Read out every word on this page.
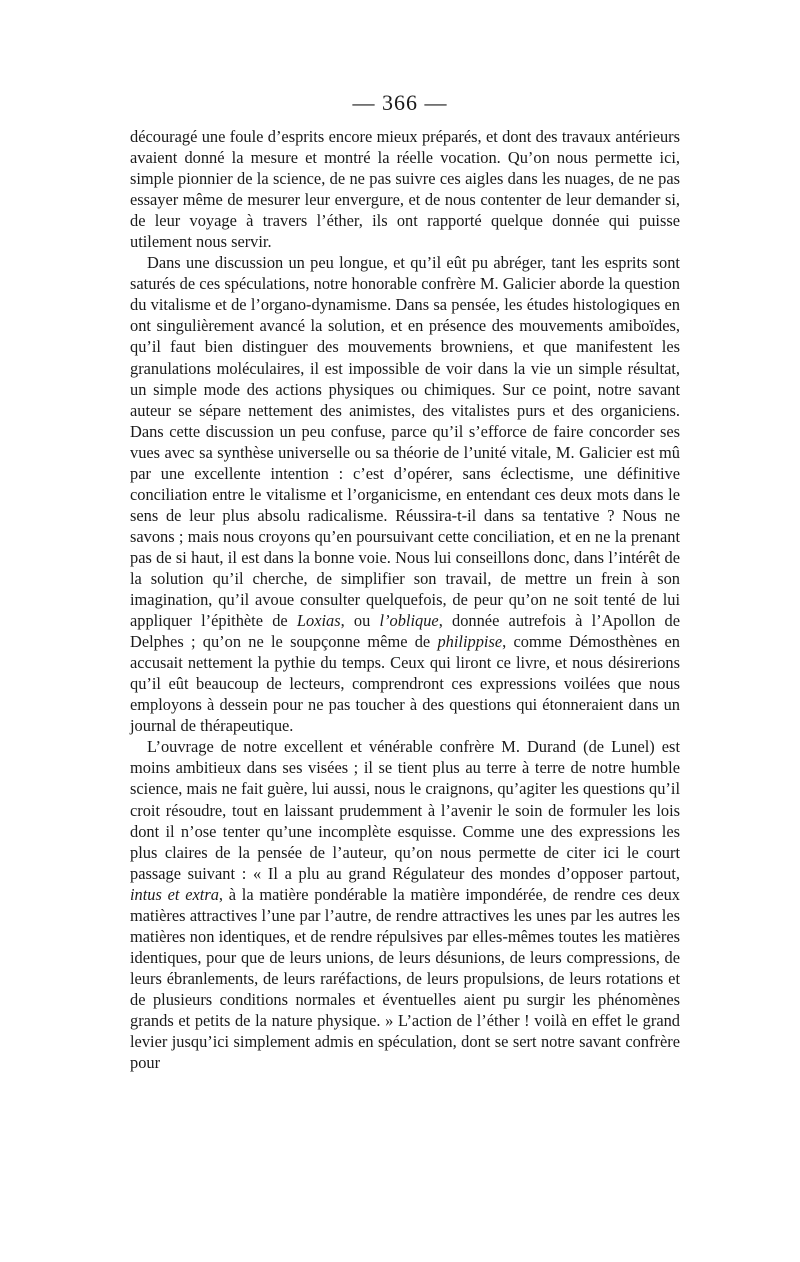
— 366 —

découragé une foule d’esprits encore mieux préparés, et dont des travaux antérieurs avaient donné la mesure et montré la réelle vocation. Qu’on nous permette ici, simple pionnier de la science, de ne pas suivre ces aigles dans les nuages, de ne pas essayer même de mesurer leur envergure, et de nous contenter de leur demander si, de leur voyage à travers l’éther, ils ont rapporté quelque donnée qui puisse utilement nous servir.

Dans une discussion un peu longue, et qu’il eût pu abréger, tant les esprits sont saturés de ces spéculations, notre honorable confrère M. Galicier aborde la question du vitalisme et de l’organo-dynamisme. Dans sa pensée, les études histologiques en ont singulièrement avancé la solution, et en présence des mouvements amiboïdes, qu’il faut bien distinguer des mouvements browniens, et que manifestent les granulations moléculaires, il est impossible de voir dans la vie un simple résultat, un simple mode des actions physiques ou chimiques. Sur ce point, notre savant auteur se sépare nettement des animistes, des vitalistes purs et des organiciens. Dans cette discussion un peu confuse, parce qu’il s’efforce de faire concorder ses vues avec sa synthèse universelle ou sa théorie de l’unité vitale, M. Galicier est mû par une excellente intention : c’est d’opérer, sans éclectisme, une définitive conciliation entre le vitalisme et l’organicisme, en entendant ces deux mots dans le sens de leur plus absolu radicalisme. Réussira-t-il dans sa tentative ? Nous ne savons ; mais nous croyons qu’en poursuivant cette conciliation, et en ne la prenant pas de si haut, il est dans la bonne voie. Nous lui conseillons donc, dans l’intérêt de la solution qu’il cherche, de simplifier son travail, de mettre un frein à son imagination, qu’il avoue consulter quelquefois, de peur qu’on ne soit tenté de lui appliquer l’épithète de Loxias, ou l’oblique, donnée autrefois à l’Apollon de Delphes ; qu’on ne le soupçonne même de philippise, comme Démosthènes en accusait nettement la pythie du temps. Ceux qui liront ce livre, et nous désirerions qu’il eût beaucoup de lecteurs, comprendront ces expressions voilées que nous employons à dessein pour ne pas toucher à des questions qui étonneraient dans un journal de thérapeutique.

L’ouvrage de notre excellent et vénérable confrère M. Durand (de Lunel) est moins ambitieux dans ses visées ; il se tient plus au terre à terre de notre humble science, mais ne fait guère, lui aussi, nous le craignons, qu’agiter les questions qu’il croit résoudre, tout en laissant prudemment à l’avenir le soin de formuler les lois dont il n’ose tenter qu’une incomplète esquisse. Comme une des expressions les plus claires de la pensée de l’auteur, qu’on nous permette de citer ici le court passage suivant : « Il a plu au grand Régulateur des mondes d’opposer partout, intus et extra, à la matière pondérable la matière impondérée, de rendre ces deux matières attractives l’une par l’autre, de rendre attractives les unes par les autres les matières non identiques, et de rendre répulsives par elles-mêmes toutes les matières identiques, pour que de leurs unions, de leurs désunions, de leurs compressions, de leurs ébranlements, de leurs raréfactions, de leurs propulsions, de leurs rotations et de plusieurs conditions normales et éventuelles aient pu surgir les phénomènes grands et petits de la nature physique. » L’action de l’éther ! voilà en effet le grand levier jusqu’ici simplement admis en spéculation, dont se sert notre savant confrère pour
